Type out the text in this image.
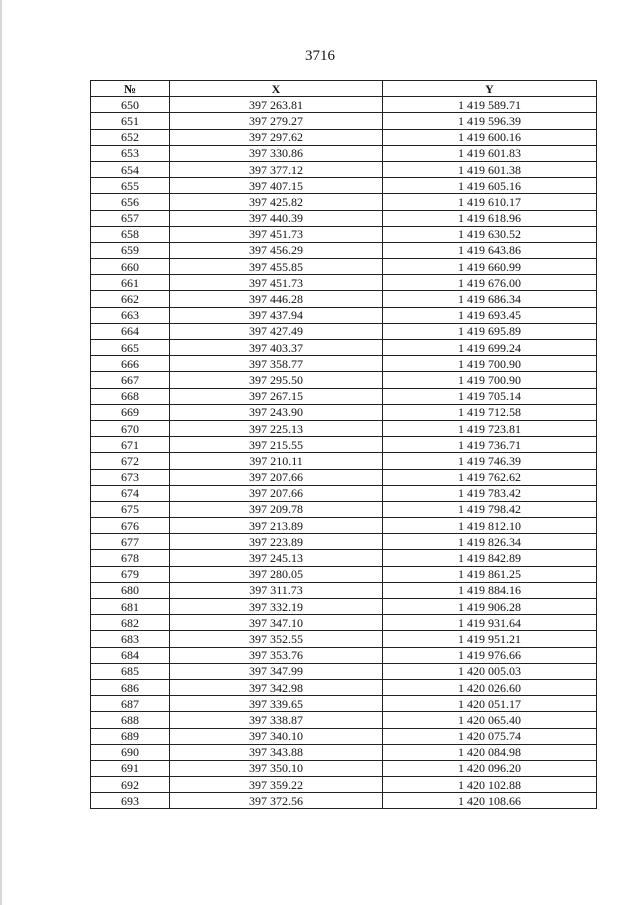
3716
№	X	Y
650	397 263.81	1 419 589.71
651	397 279.27	1 419 596.39
652	397 297.62	1 419 600.16
653	397 330.86	1 419 601.83
654	397 377.12	1 419 601.38
655	397 407.15	1 419 605.16
656	397 425.82	1 419 610.17
657	397 440.39	1 419 618.96
658	397 451.73	1 419 630.52
659	397 456.29	1 419 643.86
660	397 455.85	1 419 660.99
661	397 451.73	1 419 676.00
662	397 446.28	1 419 686.34
663	397 437.94	1 419 693.45
664	397 427.49	1 419 695.89
665	397 403.37	1 419 699.24
666	397 358.77	1 419 700.90
667	397 295.50	1 419 700.90
668	397 267.15	1 419 705.14
669	397 243.90	1 419 712.58
670	397 225.13	1 419 723.81
671	397 215.55	1 419 736.71
672	397 210.11	1 419 746.39
673	397 207.66	1 419 762.62
674	397 207.66	1 419 783.42
675	397 209.78	1 419 798.42
676	397 213.89	1 419 812.10
677	397 223.89	1 419 826.34
678	397 245.13	1 419 842.89
679	397 280.05	1 419 861.25
680	397 311.73	1 419 884.16
681	397 332.19	1 419 906.28
682	397 347.10	1 419 931.64
683	397 352.55	1 419 951.21
684	397 353.76	1 419 976.66
685	397 347.99	1 420 005.03
686	397 342.98	1 420 026.60
687	397 339.65	1 420 051.17
688	397 338.87	1 420 065.40
689	397 340.10	1 420 075.74
690	397 343.88	1 420 084.98
691	397 350.10	1 420 096.20
692	397 359.22	1 420 102.88
693	397 372.56	1 420 108.66
